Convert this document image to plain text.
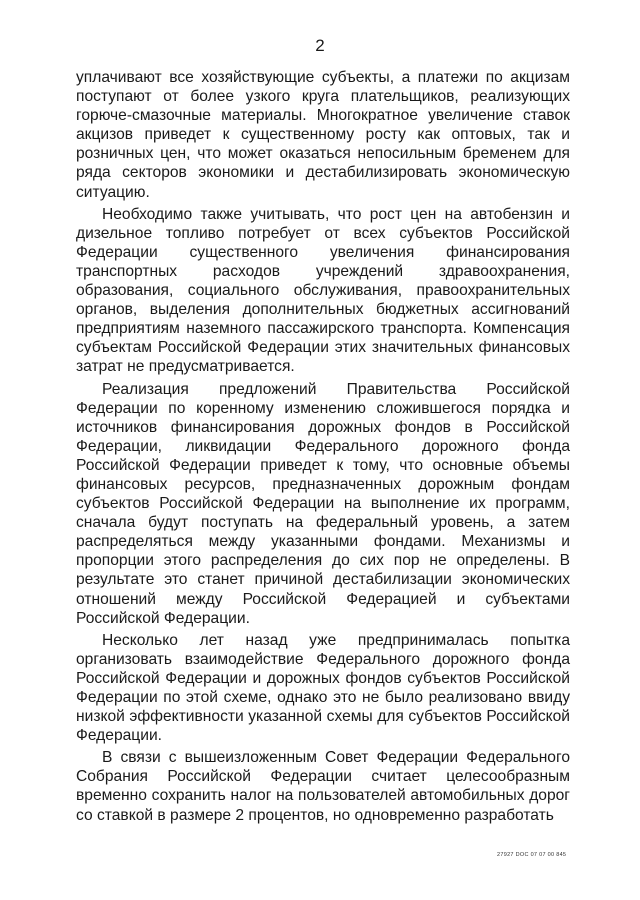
2

уплачивают все хозяйствующие субъекты, а платежи по акцизам поступают от более узкого круга плательщиков, реализующих горюче-смазочные материалы. Многократное увеличение ставок акцизов приведет к существенному росту как оптовых, так и розничных цен, что может оказаться непосильным бременем для ряда секторов экономики и дестабилизировать экономическую ситуацию.

Необходимо также учитывать, что рост цен на автобензин и дизельное топливо потребует от всех субъектов Российской Федерации существенного увеличения финансирования транспортных расходов учреждений здравоохранения, образования, социального обслуживания, правоохранительных органов, выделения дополнительных бюджетных ассигнований предприятиям наземного пассажирского транспорта. Компенсация субъектам Российской Федерации этих значительных финансовых затрат не предусматривается.

Реализация предложений Правительства Российской Федерации по коренному изменению сложившегося порядка и источников финансирования дорожных фондов в Российской Федерации, ликвидации Федерального дорожного фонда Российской Федерации приведет к тому, что основные объемы финансовых ресурсов, предназначенных дорожным фондам субъектов Российской Федерации на выполнение их программ, сначала будут поступать на федеральный уровень, а затем распределяться между указанными фондами. Механизмы и пропорции этого распределения до сих пор не определены. В результате это станет причиной дестабилизации экономических отношений между Российской Федерацией и субъектами Российской Федерации.

Несколько лет назад уже предпринималась попытка организовать взаимодействие Федерального дорожного фонда Российской Федерации и дорожных фондов субъектов Российской Федерации по этой схеме, однако это не было реализовано ввиду низкой эффективности указанной схемы для субъектов Российской Федерации.

В связи с вышеизложенным Совет Федерации Федерального Собрания Российской Федерации считает целесообразным временно сохранить налог на пользователей автомобильных дорог со ставкой в размере 2 процентов, но одновременно разработать

27927 DOC 07 07 00 845
